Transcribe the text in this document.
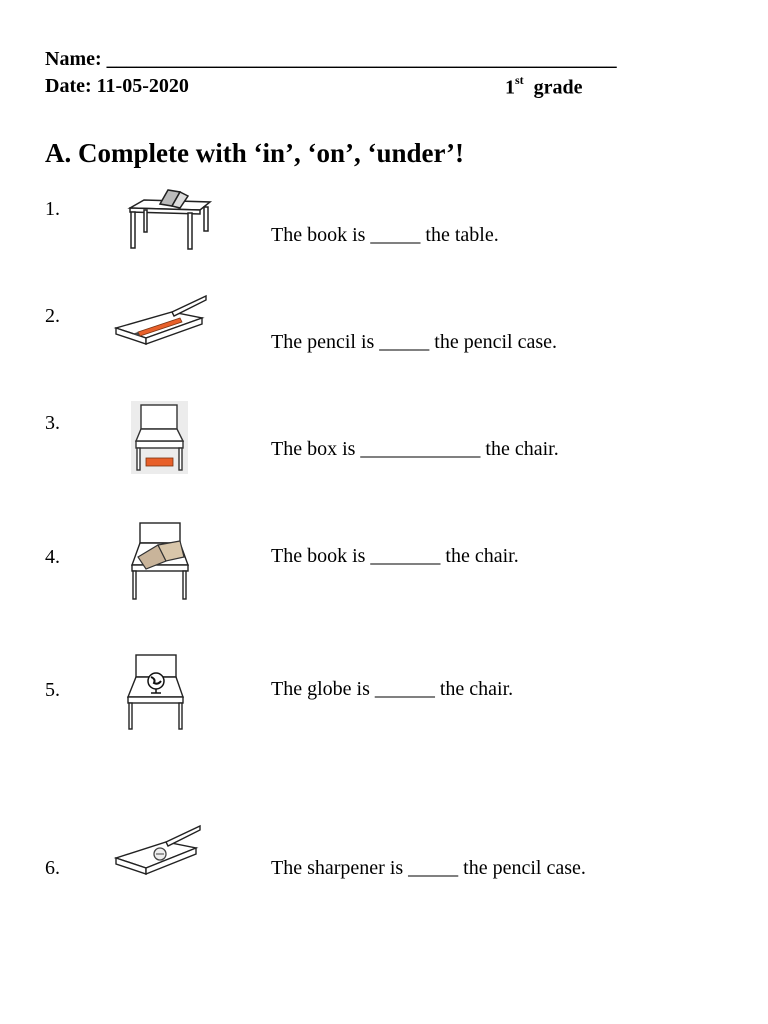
Name: ___________________________________________________
Date: 11-05-2020	1st  grade
A. Complete with ‘in’, ‘on’, ‘under’!
1.
The book is _____ the table.
2.
The pencil is _____ the pencil case.
3.
The box is ____________ the chair.
4.	The book is _______ the chair.
5.	The globe is ______ the chair.
6.	The sharpener is _____ the pencil case.
